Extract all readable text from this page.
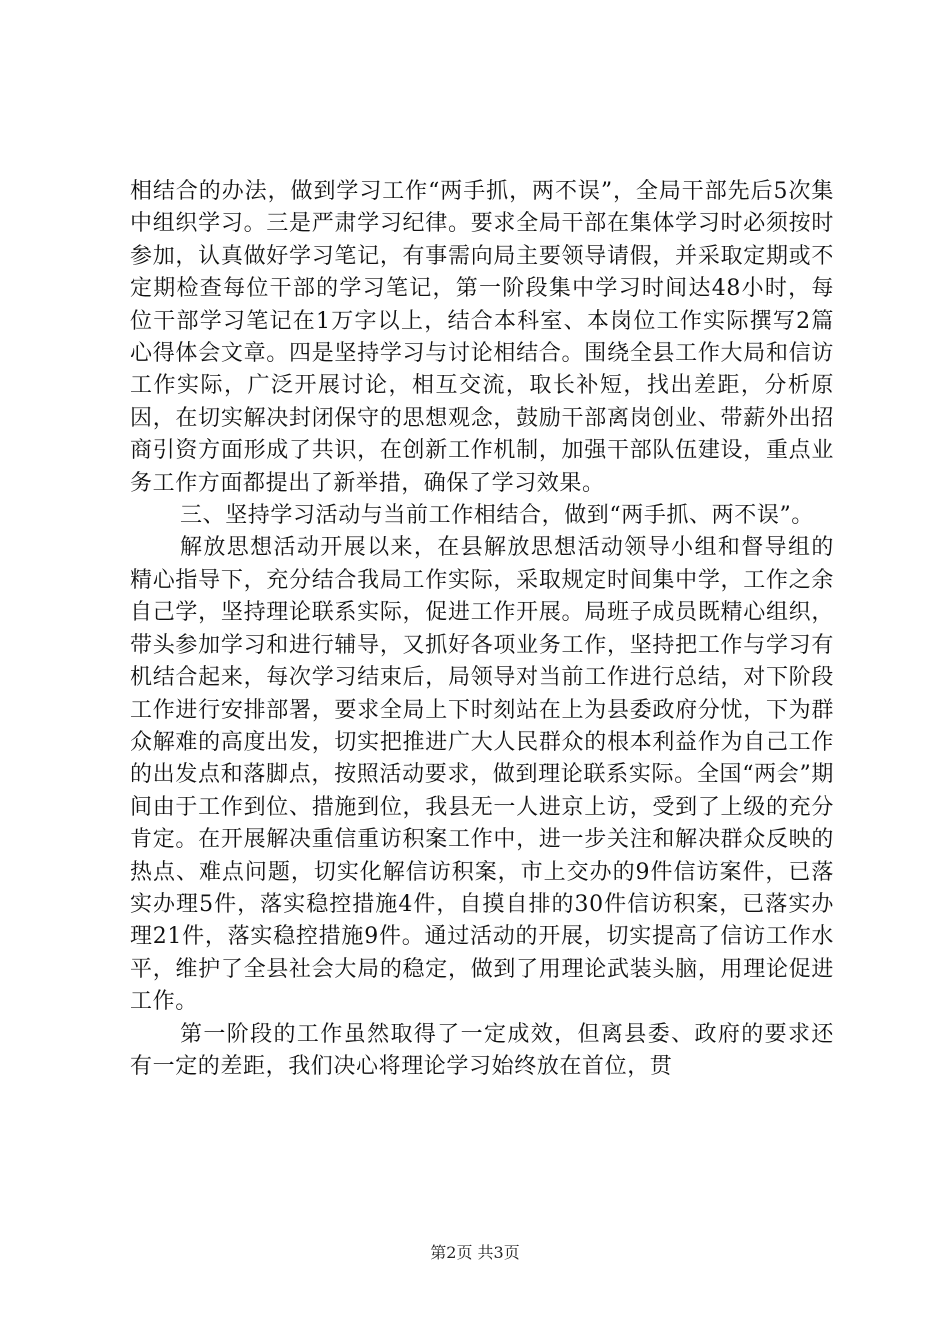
相结合的办法，做到学习工作“两手抓，两不误”，全局干部先后5次集中组织学习。三是严肃学习纪律。要求全局干部在集体学习时必须按时参加，认真做好学习笔记，有事需向局主要领导请假，并采取定期或不定期检查每位干部的学习笔记，第一阶段集中学习时间达48小时，每位干部学习笔记在1万字以上，结合本科室、本岗位工作实际撰写2篇心得体会文章。四是坚持学习与讨论相结合。围绕全县工作大局和信访工作实际，广泛开展讨论，相互交流，取长补短，找出差距，分析原因，在切实解决封闭保守的思想观念，鼓励干部离岗创业、带薪外出招商引资方面形成了共识，在创新工作机制，加强干部队伍建设，重点业务工作方面都提出了新举措，确保了学习效果。

三、坚持学习活动与当前工作相结合，做到“两手抓、两不误”。

解放思想活动开展以来，在县解放思想活动领导小组和督导组的精心指导下，充分结合我局工作实际，采取规定时间集中学，工作之余自己学，坚持理论联系实际，促进工作开展。局班子成员既精心组织，带头参加学习和进行辅导，又抓好各项业务工作，坚持把工作与学习有机结合起来，每次学习结束后，局领导对当前工作进行总结，对下阶段工作进行安排部署，要求全局上下时刻站在上为县委政府分忧，下为群众解难的高度出发，切实把推进广大人民群众的根本利益作为自己工作的出发点和落脚点，按照活动要求，做到理论联系实际。全国“两会”期间由于工作到位、措施到位，我县无一人进京上访，受到了上级的充分肯定。在开展解决重信重访积案工作中，进一步关注和解决群众反映的热点、难点问题，切实化解信访积案，市上交办的9件信访案件，已落实办理5件，落实稳控措施4件，自摸自排的30件信访积案，已落实办理21件，落实稳控措施9件。通过活动的开展，切实提高了信访工作水平，维护了全县社会大局的稳定，做到了用理论武装头脑，用理论促进工作。

第一阶段的工作虽然取得了一定成效，但离县委、政府的要求还有一定的差距，我们决心将理论学习始终放在首位，贯

第2页 共3页
